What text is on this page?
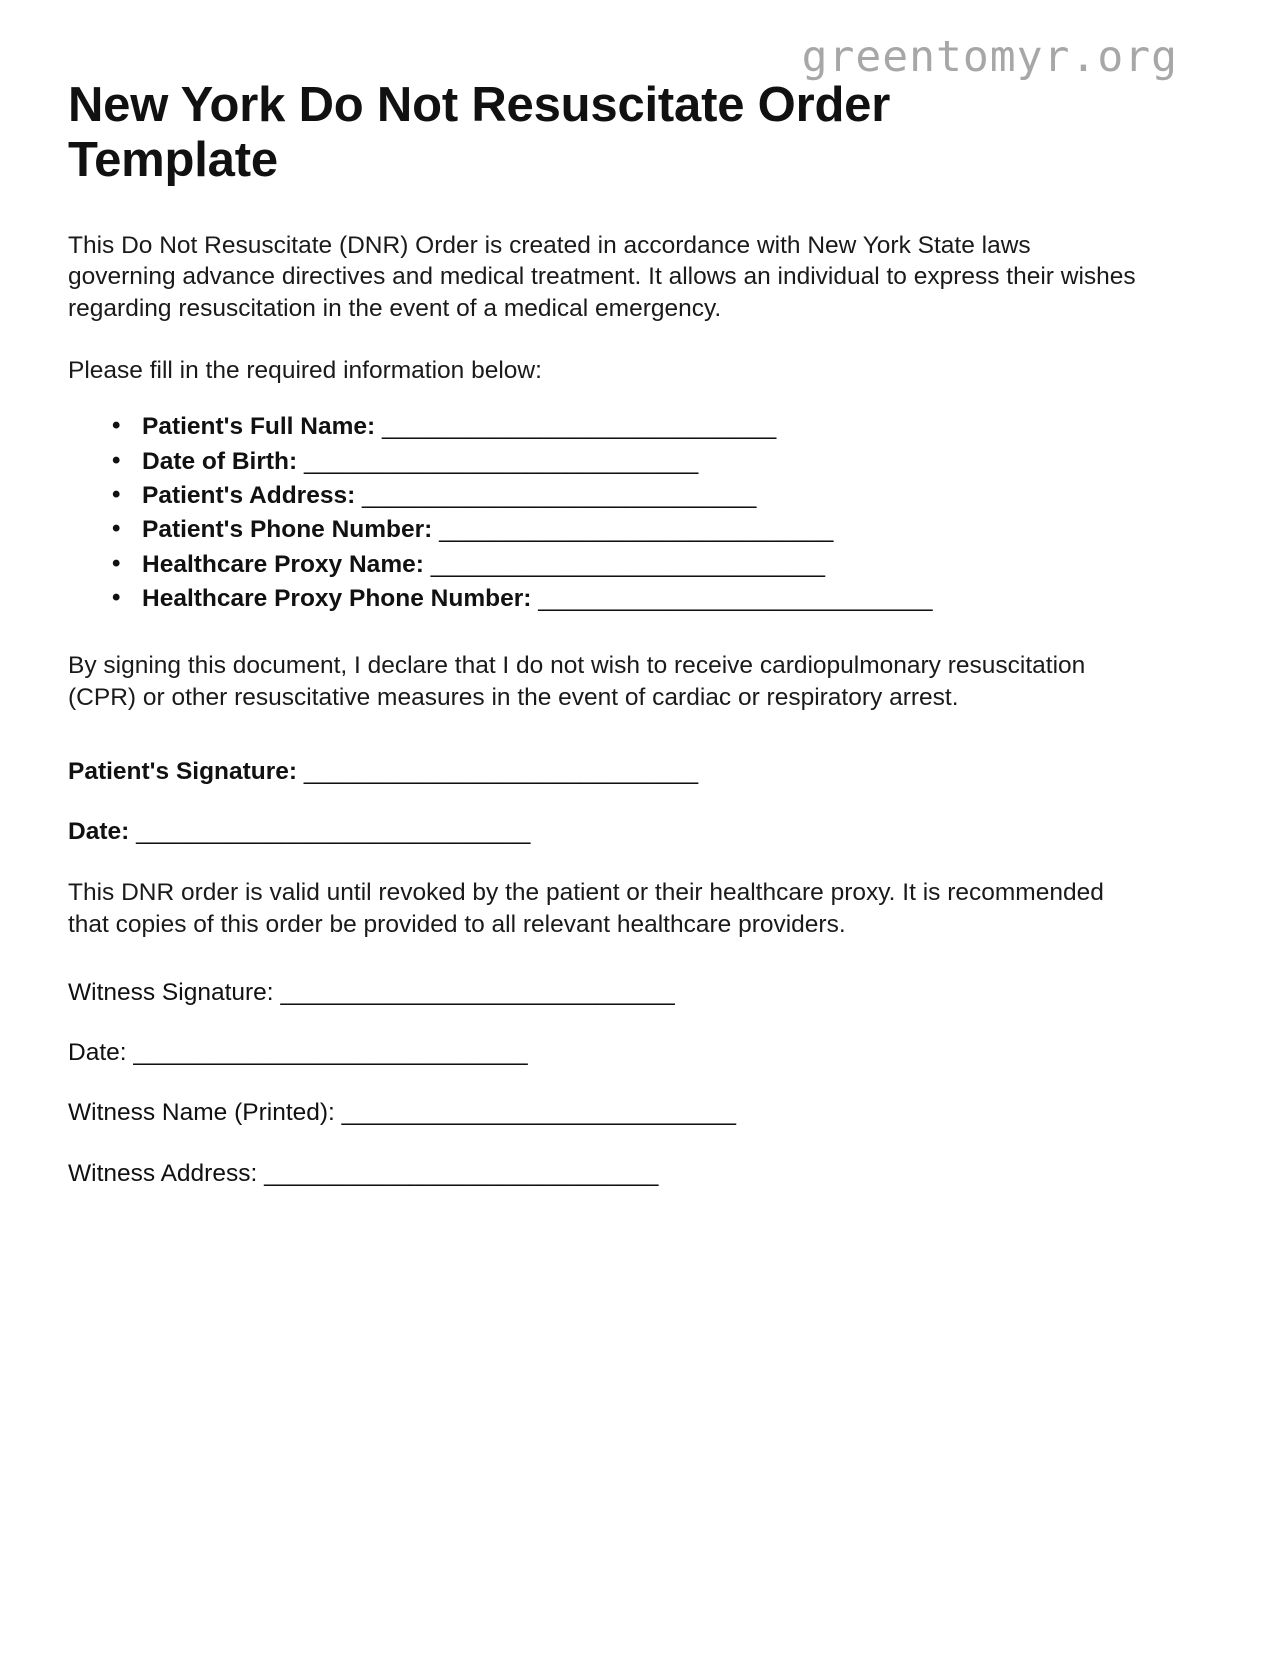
greentomyr.org
New York Do Not Resuscitate Order Template

This Do Not Resuscitate (DNR) Order is created in accordance with New York State laws governing advance directives and medical treatment. It allows an individual to express their wishes regarding resuscitation in the event of a medical emergency.

Please fill in the required information below:

• Patient's Full Name: ______________________________
• Date of Birth: ______________________________
• Patient's Address: ______________________________
• Patient's Phone Number: ______________________________
• Healthcare Proxy Name: ______________________________
• Healthcare Proxy Phone Number: ______________________________

By signing this document, I declare that I do not wish to receive cardiopulmonary resuscitation (CPR) or other resuscitative measures in the event of cardiac or respiratory arrest.

Patient's Signature: ______________________________
Date: ______________________________

This DNR order is valid until revoked by the patient or their healthcare proxy. It is recommended that copies of this order be provided to all relevant healthcare providers.

Witness Signature: ______________________________
Date: ______________________________
Witness Name (Printed): ______________________________
Witness Address: ______________________________
